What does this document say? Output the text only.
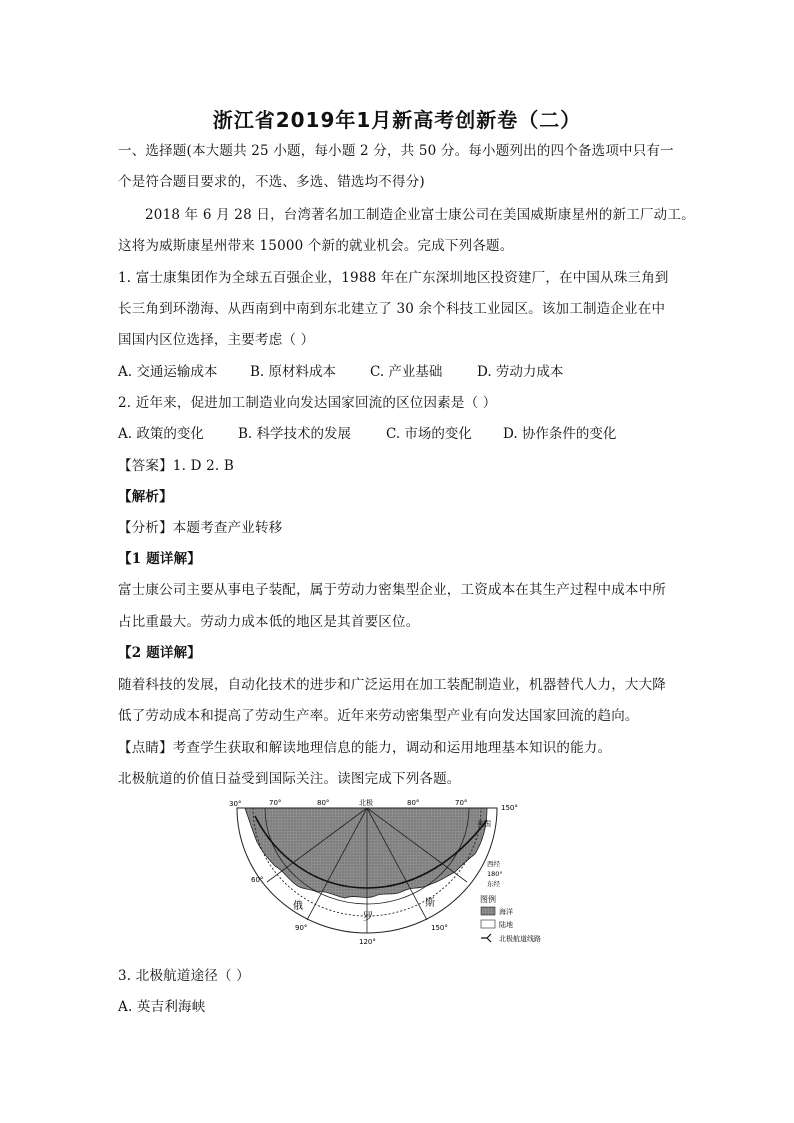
浙江省2019年1月新高考创新卷（二）
一、选择题(本大题共 25 小题，每小题 2 分，共 50 分。每小题列出的四个备选项中只有一
个是符合题目要求的，不选、多选、错选均不得分)
2018 年 6 月 28 日，台湾著名加工制造企业富士康公司在美国威斯康星州的新工厂动工。
这将为威斯康星州带来 15000 个新的就业机会。完成下列各题。
1. 富士康集团作为全球五百强企业，1988 年在广东深圳地区投资建厂，在中国从珠三角到
长三角到环渤海、从西南到中南到东北建立了 30 余个科技工业园区。该加工制造企业在中
国国内区位选择，主要考虑（ ）
A. 交通运输成本 B. 原材料成本	C. 产业基础	D. 劳动力成本
2. 近年来，促进加工制造业向发达国家回流的区位因素是（ ）
A. 政策的变化	B. 科学技术的发展	C. 市场的变化 D. 协作条件的变化
【答案】1. D 2. B
【解析】
【分析】本题考查产业转移
【1 题详解】
富士康公司主要从事电子装配，属于劳动力密集型企业，工资成本在其生产过程中成本中所
占比重最大。劳动力成本低的地区是其首要区位。
【2 题详解】
随着科技的发展，自动化技术的进步和广泛运用在加工装配制造业，机器替代人力，大大降
低了劳动成本和提高了劳动生产率。近年来劳动密集型产业有向发达国家回流的趋向。
【点睛】考查学生获取和解读地理信息的能力，调动和运用地理基本知识的能力。
北极航道的价值日益受到国际关注。读图完成下列各题。
30°	70°	80°	北极	80°	70°
150°
60°
90°
120°
150°
美国
西经
180°
东经
俄
罗
斯	图例
海洋
陆地
北极航道线路
3. 北极航道途径（ ）
A. 英吉利海峡
